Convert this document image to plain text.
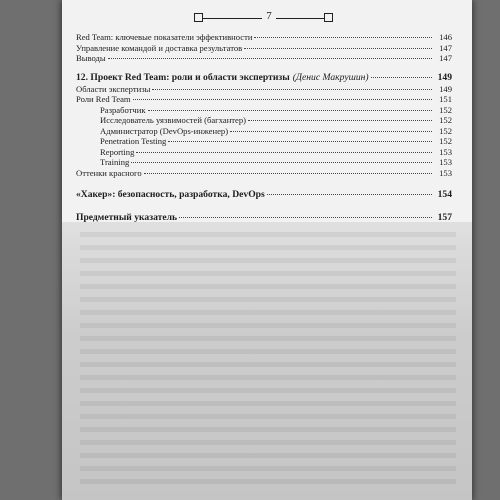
7
Red Team: ключевые показатели эффективности	146
Управление командой и доставка результатов	147
Выводы	147
12. Проект Red Team: роли и области экспертизы (Денис Макрушин)	149
Области экспертизы	149
Роли Red Team	151
Разработчик	152
Исследователь уязвимостей (багхантер)	152
Администратор (DevOps-инженер)	152
Penetration Testing	152
Reporting	153
Training	153
Оттенки красного	153
«Хакер»: безопасность, разработка, DevOps	154
Предметный указатель	157
